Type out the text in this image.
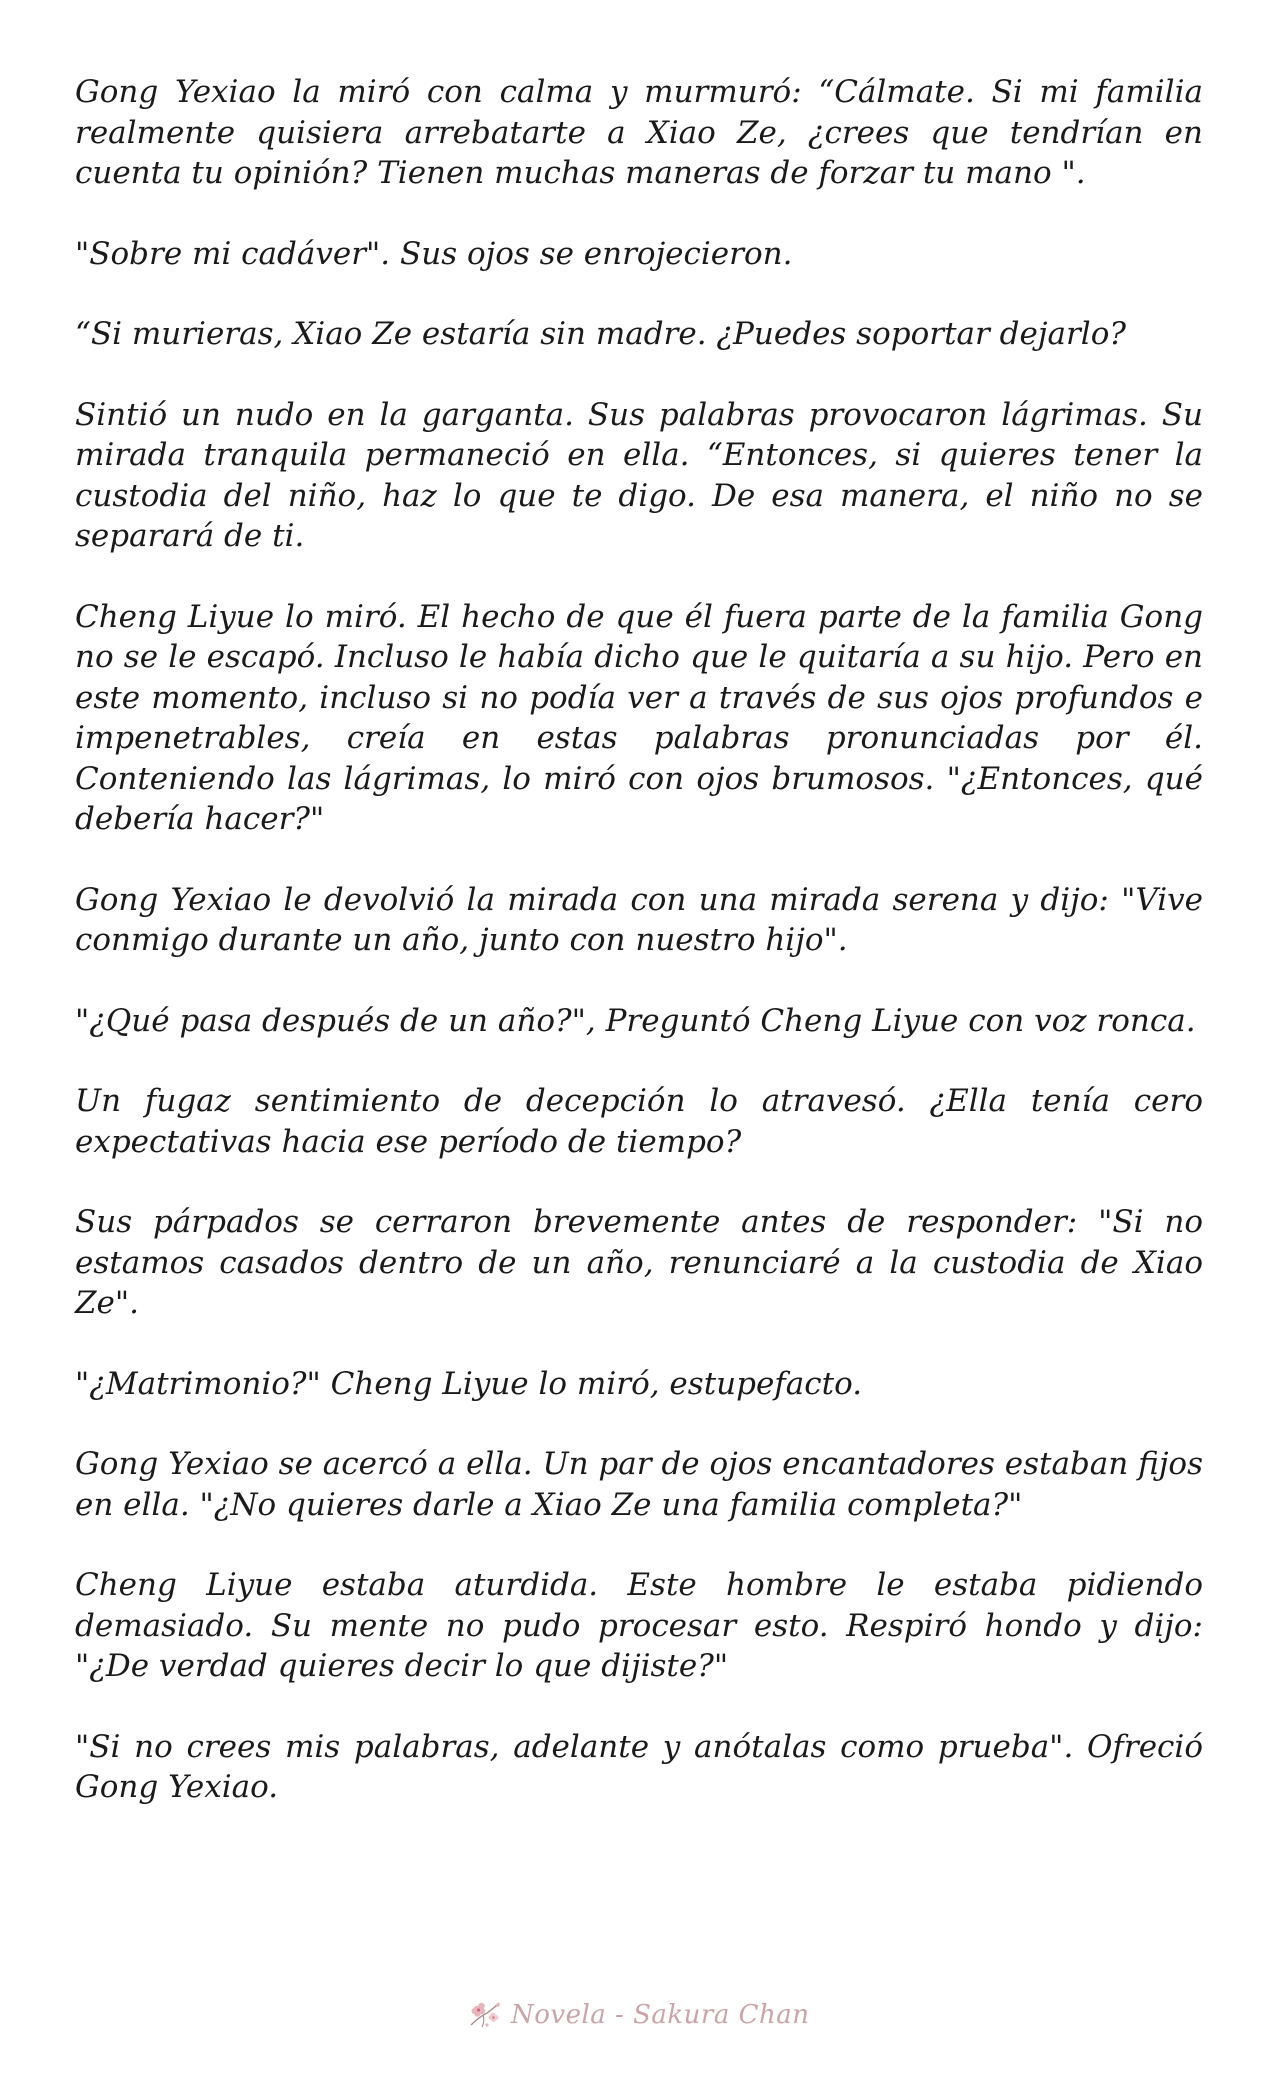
Gong Yexiao la miró con calma y murmuró: “Cálmate. Si mi familia realmente quisiera arrebatarte a Xiao Ze, ¿crees que tendrían en cuenta tu opinión? Tienen muchas maneras de forzar tu mano ".

"Sobre mi cadáver". Sus ojos se enrojecieron.

“Si murieras, Xiao Ze estaría sin madre. ¿Puedes soportar dejarlo?

Sintió un nudo en la garganta. Sus palabras provocaron lágrimas. Su mirada tranquila permaneció en ella. “Entonces, si quieres tener la custodia del niño, haz lo que te digo. De esa manera, el niño no se separará de ti.

Cheng Liyue lo miró. El hecho de que él fuera parte de la familia Gong no se le escapó. Incluso le había dicho que le quitaría a su hijo. Pero en este momento, incluso si no podía ver a través de sus ojos profundos e impenetrables, creía en estas palabras pronunciadas por él. Conteniendo las lágrimas, lo miró con ojos brumosos. "¿Entonces, qué debería hacer?"

Gong Yexiao le devolvió la mirada con una mirada serena y dijo: "Vive conmigo durante un año, junto con nuestro hijo".

"¿Qué pasa después de un año?", Preguntó Cheng Liyue con voz ronca.

Un fugaz sentimiento de decepción lo atravesó. ¿Ella tenía cero expectativas hacia ese período de tiempo?

Sus párpados se cerraron brevemente antes de responder: "Si no estamos casados dentro de un año, renunciaré a la custodia de Xiao Ze".

"¿Matrimonio?" Cheng Liyue lo miró, estupefacto.

Gong Yexiao se acercó a ella. Un par de ojos encantadores estaban fijos en ella. "¿No quieres darle a Xiao Ze una familia completa?"

Cheng Liyue estaba aturdida. Este hombre le estaba pidiendo demasiado. Su mente no pudo procesar esto. Respiró hondo y dijo: "¿De verdad quieres decir lo que dijiste?"

"Si no crees mis palabras, adelante y anótalas como prueba". Ofreció Gong Yexiao.

Novela - Sakura Chan
